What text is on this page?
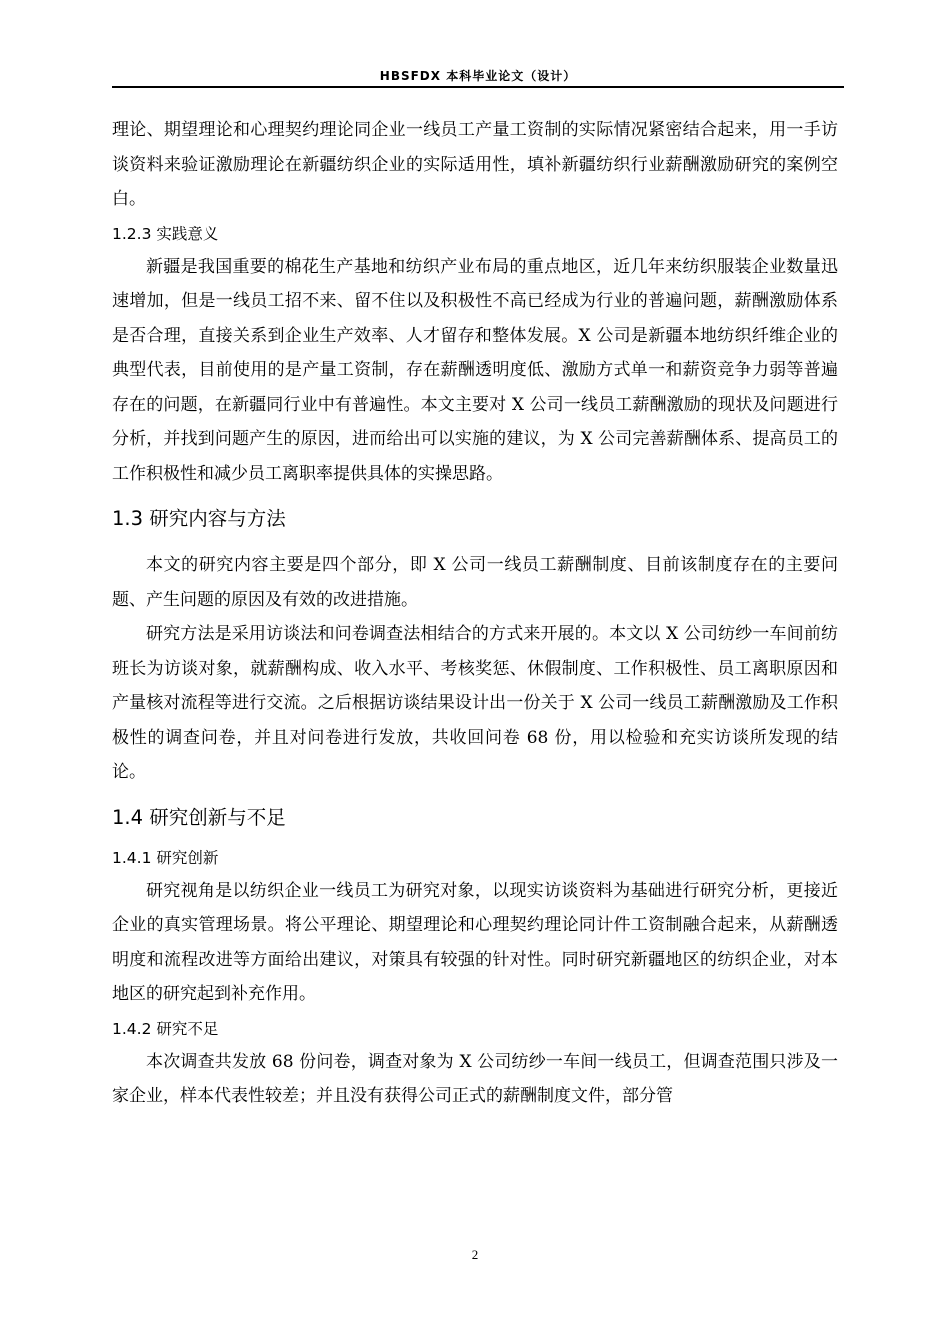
HBSFDX 本科毕业论文（设计）

理论、期望理论和心理契约理论同企业一线员工产量工资制的实际情况紧密结合起来，用一手访谈资料来验证激励理论在新疆纺织企业的实际适用性，填补新疆纺织行业薪酬激励研究的案例空白。

1.2.3 实践意义

新疆是我国重要的棉花生产基地和纺织产业布局的重点地区，近几年来纺织服装企业数量迅速增加，但是一线员工招不来、留不住以及积极性不高已经成为行业的普遍问题，薪酬激励体系是否合理，直接关系到企业生产效率、人才留存和整体发展。X 公司是新疆本地纺织纤维企业的典型代表，目前使用的是产量工资制，存在薪酬透明度低、激励方式单一和薪资竞争力弱等普遍存在的问题，在新疆同行业中有普遍性。本文主要对 X 公司一线员工薪酬激励的现状及问题进行分析，并找到问题产生的原因，进而给出可以实施的建议，为 X 公司完善薪酬体系、提高员工的工作积极性和减少员工离职率提供具体的实操思路。

1.3 研究内容与方法

本文的研究内容主要是四个部分，即 X 公司一线员工薪酬制度、目前该制度存在的主要问题、产生问题的原因及有效的改进措施。

研究方法是采用访谈法和问卷调查法相结合的方式来开展的。本文以 X 公司纺纱一车间前纺班长为访谈对象，就薪酬构成、收入水平、考核奖惩、休假制度、工作积极性、员工离职原因和产量核对流程等进行交流。之后根据访谈结果设计出一份关于 X 公司一线员工薪酬激励及工作积极性的调查问卷，并且对问卷进行发放，共收回问卷 68 份，用以检验和充实访谈所发现的结论。

1.4 研究创新与不足
1.4.1 研究创新

研究视角是以纺织企业一线员工为研究对象，以现实访谈资料为基础进行研究分析，更接近企业的真实管理场景。将公平理论、期望理论和心理契约理论同计件工资制融合起来，从薪酬透明度和流程改进等方面给出建议，对策具有较强的针对性。同时研究新疆地区的纺织企业，对本地区的研究起到补充作用。

1.4.2 研究不足

本次调查共发放 68 份问卷，调查对象为 X 公司纺纱一车间一线员工，但调查范围只涉及一家企业，样本代表性较差；并且没有获得公司正式的薪酬制度文件，部分管

2
